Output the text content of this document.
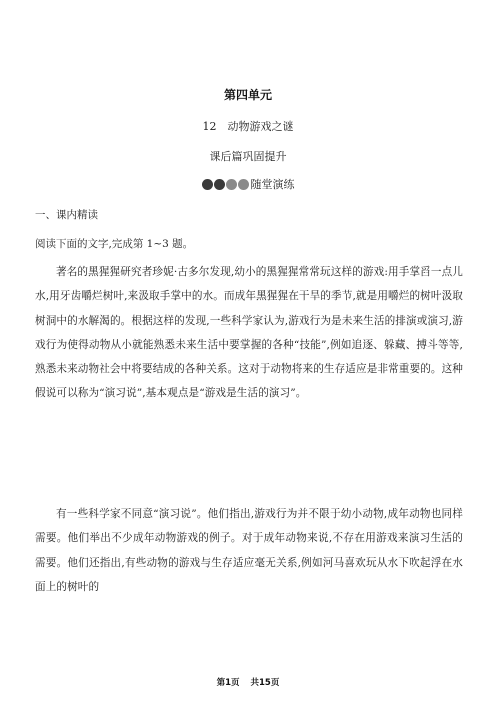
第四单元
12　动物游戏之谜
课后篇巩固提升
随堂演练
一、课内精读
阅读下面的文字,完成第 1~3 题。
著名的黑猩猩研究者珍妮·古多尔发现,幼小的黑猩猩常常玩这样的游戏:用手掌舀一点儿水,用牙齿嚼烂树叶,来汲取手掌中的水。而成年黑猩猩在干旱的季节,就是用嚼烂的树叶汲取树洞中的水解渴的。根据这样的发现,一些科学家认为,游戏行为是未来生活的排演或演习,游戏行为使得动物从小就能熟悉未来生活中要掌握的各种“技能”,例如追逐、躲藏、搏斗等等,熟悉未来动物社会中将要结成的各种关系。这对于动物将来的生存适应是非常重要的。这种假说可以称为“演习说”,基本观点是“游戏是生活的演习”。
有一些科学家不同意“演习说”。他们指出,游戏行为并不限于幼小动物,成年动物也同样需要。他们举出不少成年动物游戏的例子。对于成年动物来说,不存在用游戏来演习生活的需要。他们还指出,有些动物的游戏与生存适应毫无关系,例如河马喜欢玩从水下吹起浮在水面上的树叶的
第1页 共15页
